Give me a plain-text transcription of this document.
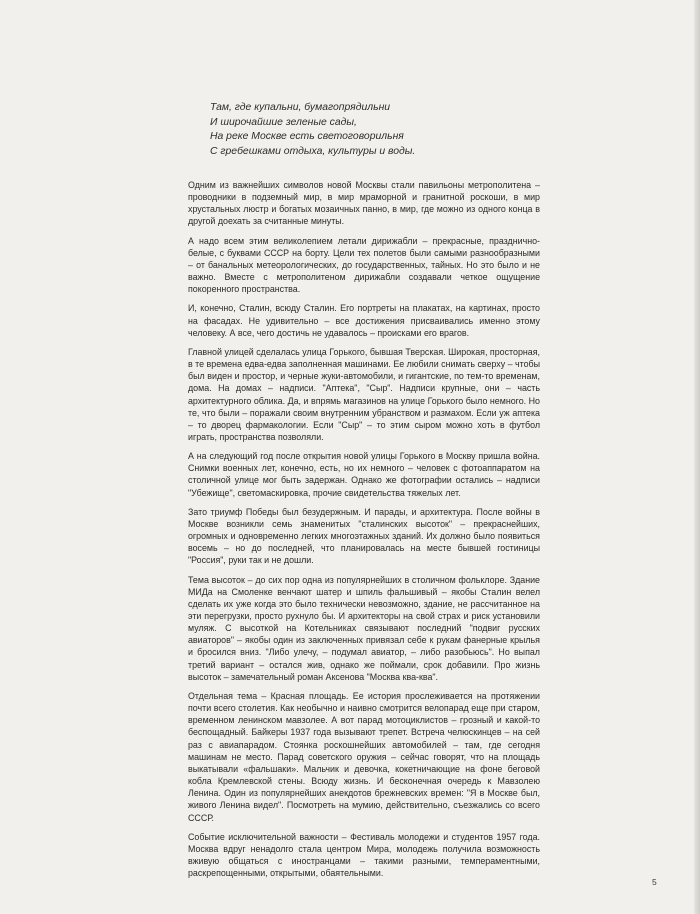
Там, где купальни, бумагопрядильни
И широчайшие зеленые сады,
На реке Москве есть светоговорильня
С гребешками отдыха, культуры и воды.

Одним из важнейших символов новой Москвы стали павильоны метрополитена – проводники в подземный мир, в мир мраморной и гранитной роскоши, в мир хрустальных люстр и богатых мозаичных панно, в мир, где можно из одного конца в другой доехать за считанные минуты.

А надо всем этим великолепием летали дирижабли – прекрасные, празднично-белые, с буквами СССР на борту. Цели тех полетов были самыми разнообразными – от банальных метеорологических, до государственных, тайных. Но это было и не важно. Вместе с метрополитеном дирижабли создавали четкое ощущение покоренного пространства.

И, конечно, Сталин, всюду Сталин. Его портреты на плакатах, на картинах, просто на фасадах. Не удивительно – все достижения присваивались именно этому человеку. А все, чего достичь не удавалось – происками его врагов.

Главной улицей сделалась улица Горького, бывшая Тверская. Широкая, просторная, в те времена едва-едва заполненная машинами. Ее любили снимать сверху – чтобы был виден и простор, и черные жуки-автомобили, и гигантские, по тем-то временам, дома. На домах – надписи. "Аптека", "Сыр". Надписи крупные, они – часть архитектурного облика. Да, и впрямь магазинов на улице Горького было немного. Но те, что были – поражали своим внутренним убранством и размахом. Если уж аптека – то дворец фармакологии. Если "Сыр" – то этим сыром можно хоть в футбол играть, пространства позволяли.

А на следующий год после открытия новой улицы Горького в Москву пришла война. Снимки военных лет, конечно, есть, но их немного – человек с фотоаппаратом на столичной улице мог быть задержан. Однако же фотографии остались – надписи "Убежище", светомаскировка, прочие свидетельства тяжелых лет.

Зато триумф Победы был безудержным. И парады, и архитектура. После войны в Москве возникли семь знаменитых "сталинских высоток" – прекраснейших, огромных и одновременно легких многоэтажных зданий. Их должно было появиться восемь – но до последней, что планировалась на месте бывшей гостиницы "Россия", руки так и не дошли.

Тема высоток – до сих пор одна из популярнейших в столичном фольклоре. Здание МИДа на Смоленке венчают шатер и шпиль фальшивый – якобы Сталин велел сделать их уже когда это было технически невозможно, здание, не рассчитанное на эти перегрузки, просто рухнуло бы. И архитекторы на свой страх и риск установили муляж. С высоткой на Котельниках связывают последний "подвиг русских авиаторов" – якобы один из заключенных привязал себе к рукам фанерные крылья и бросился вниз. "Либо улечу, – подумал авиатор, – либо разобьюсь". Но выпал третий вариант – остался жив, однако же поймали, срок добавили. Про жизнь высоток – замечательный роман Аксенова "Москва ква-ква".

Отдельная тема – Красная площадь. Ее история прослеживается на протяжении почти всего столетия. Как необычно и наивно смотрится велопарад еще при старом, временном ленинском мавзолее. А вот парад мотоциклистов – грозный и какой-то беспощадный. Байкеры 1937 года вызывают трепет. Встреча челюскинцев – на сей раз с авиапарадом. Стоянка роскошнейших автомобилей – там, где сегодня машинам не место. Парад советского оружия – сейчас говорят, что на площадь выкатывали «фальшаки». Мальчик и девочка, кокетничающие на фоне беговой кобла Кремлевской стены. Всюду жизнь. И бесконечная очередь к Мавзолею Ленина. Один из популярнейших анекдотов брежневских времен: "Я в Москве был, живого Ленина видел". Посмотреть на мумию, действительно, съезжались со всего СССР.

Событие исключительной важности – Фестиваль молодежи и студентов 1957 года. Москва вдруг ненадолго стала центром Мира, молодежь получила возможность вживую общаться с иностранцами – такими разными, темпераментными, раскрепощенными, открытыми, обаятельными.

5
